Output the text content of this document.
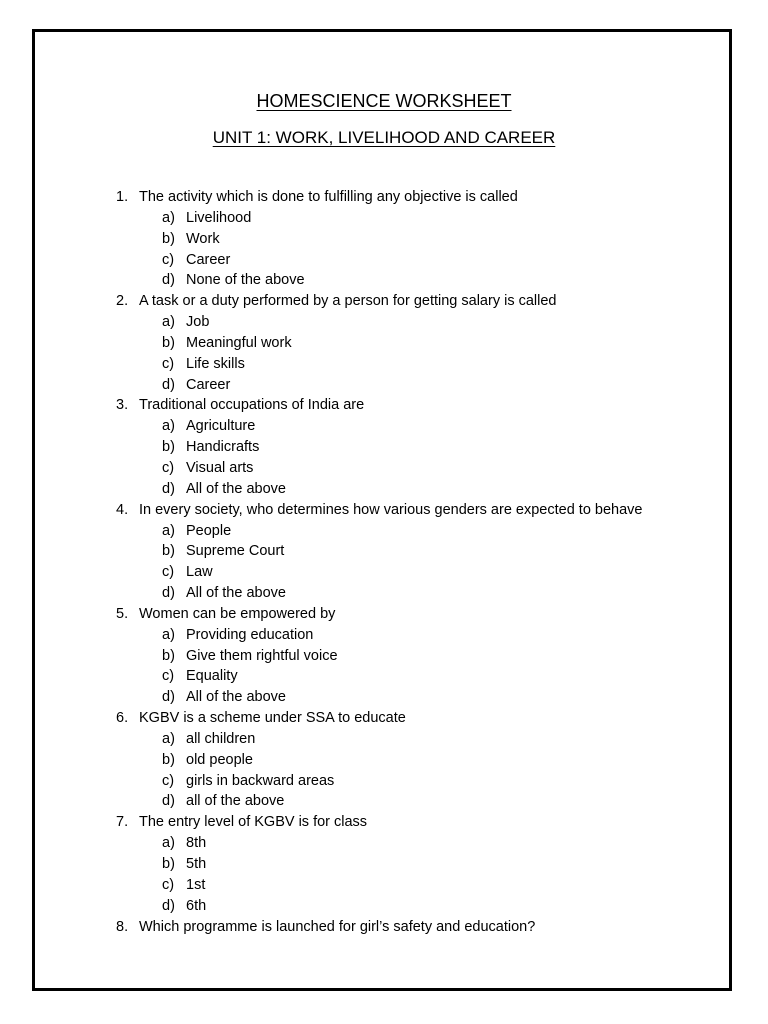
HOMESCIENCE WORKSHEET
UNIT 1: WORK, LIVELIHOOD AND CAREER
1. The activity which is done to fulfilling any objective is called
a) Livelihood
b) Work
c) Career
d) None of the above
2. A task or a duty performed by a person for getting salary is called
a) Job
b) Meaningful work
c) Life skills
d) Career
3. Traditional occupations of India are
a) Agriculture
b) Handicrafts
c) Visual arts
d) All of the above
4. In every society, who determines how various genders are expected to behave
a) People
b) Supreme Court
c) Law
d) All of the above
5. Women can be empowered by
a) Providing education
b) Give them rightful voice
c) Equality
d) All of the above
6. KGBV is a scheme under SSA to educate
a) all children
b) old people
c) girls in backward areas
d) all of the above
7. The entry level of KGBV is for class
a) 8th
b) 5th
c) 1st
d) 6th
8. Which programme is launched for girl’s safety and education?
